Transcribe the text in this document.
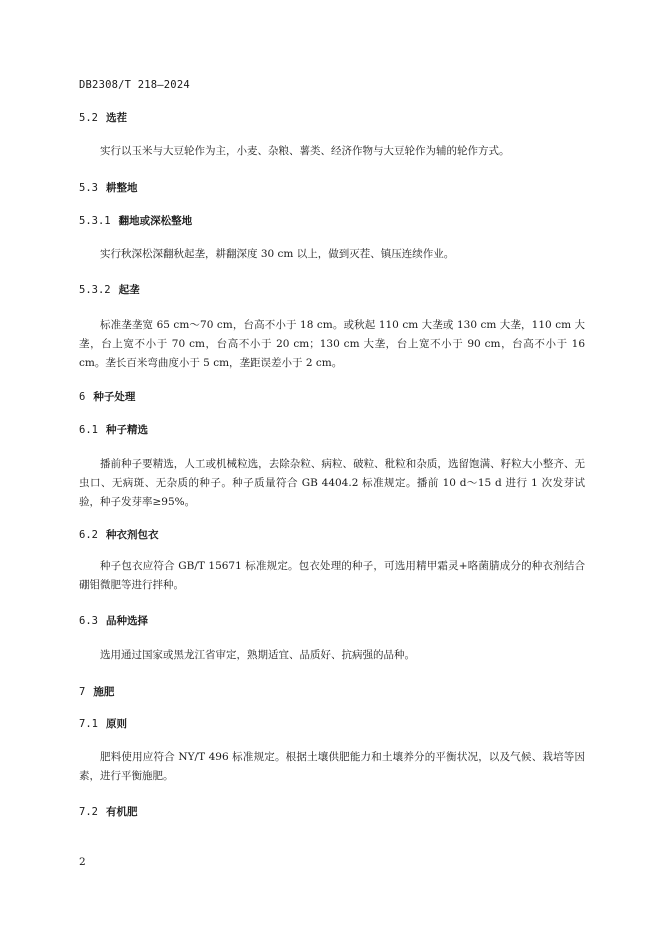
DB2308/T 218—2024
5.2 选茬
实行以玉米与大豆轮作为主，小麦、杂粮、薯类、经济作物与大豆轮作为辅的轮作方式。
5.3 耕整地
5.3.1 翻地或深松整地
实行秋深松深翻秋起垄，耕翻深度 30 cm 以上，做到灭茬、镇压连续作业。
5.3.2 起垄
标准垄垄宽 65 cm～70 cm，台高不小于 18 cm。或秋起 110 cm 大垄或 130 cm 大垄，110 cm 大垄，台上宽不小于 70 cm，台高不小于 20 cm；130 cm 大垄，台上宽不小于 90 cm，台高不小于 16 cm。垄长百米弯曲度小于 5 cm，垄距误差小于 2 cm。
6 种子处理
6.1 种子精选
播前种子要精选，人工或机械粒选，去除杂粒、病粒、破粒、秕粒和杂质，选留饱满、籽粒大小整齐、无虫口、无病斑、无杂质的种子。种子质量符合 GB 4404.2 标准规定。播前 10 d～15 d 进行 1 次发芽试验，种子发芽率≥95%。
6.2 种衣剂包衣
种子包衣应符合 GB/T 15671 标准规定。包衣处理的种子，可选用精甲霜灵+咯菌腈成分的种衣剂结合硼钼微肥等进行拌种。
6.3 品种选择
选用通过国家或黑龙江省审定，熟期适宜、品质好、抗病强的品种。
7 施肥
7.1 原则
肥料使用应符合 NY/T 496 标准规定。根据土壤供肥能力和土壤养分的平衡状况，以及气候、栽培等因素，进行平衡施肥。
7.2 有机肥
2
